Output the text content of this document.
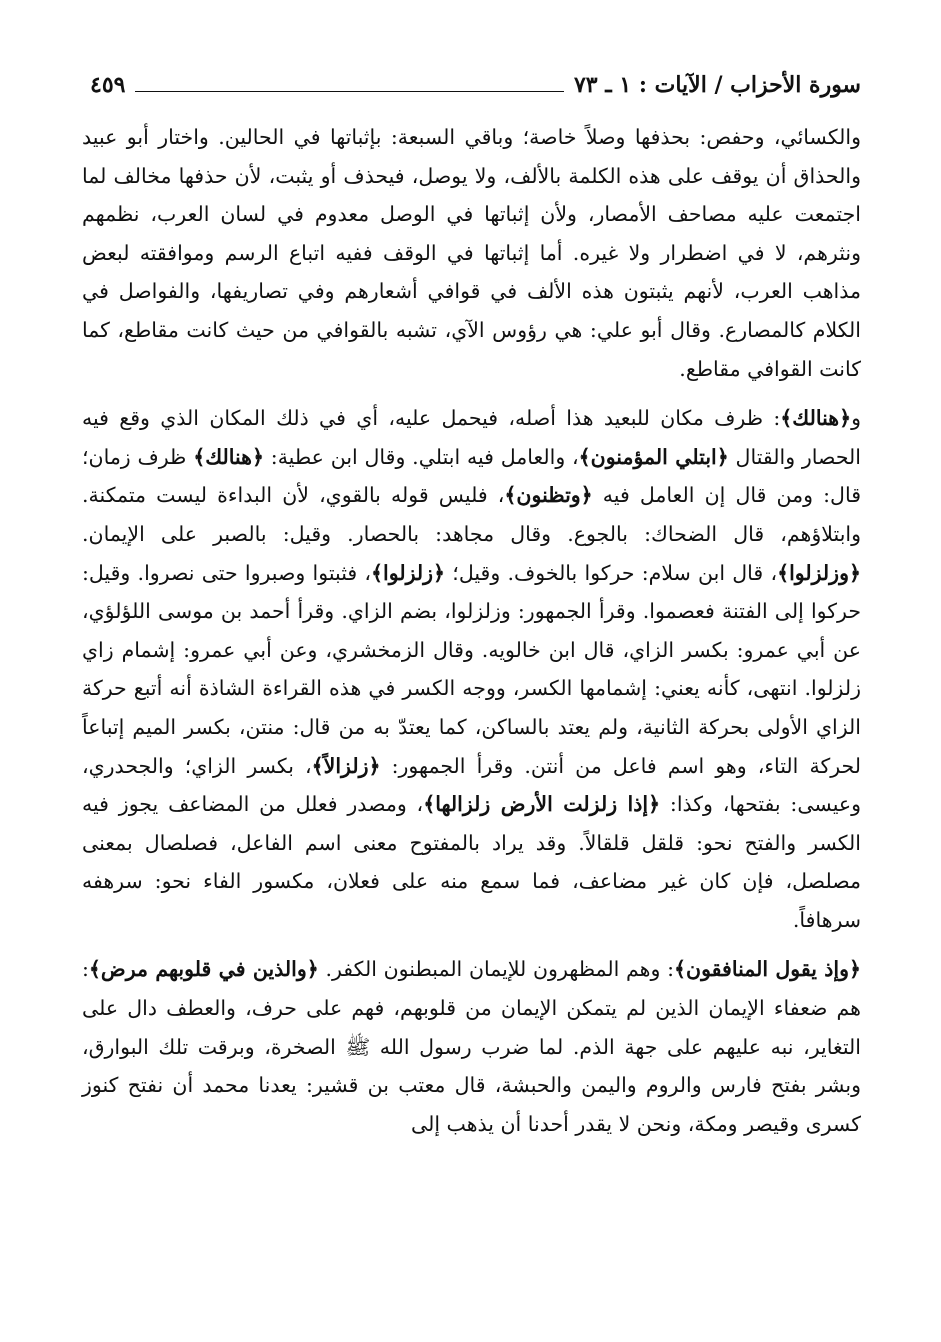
سورة الأحزاب / الآيات : ١ ـ ٧٣
٤٥٩

والكسائي، وحفص: بحذفها وصلاً خاصة؛ وباقي السبعة: بإثباتها في الحالين. واختار أبو عبيد والحذاق أن يوقف على هذه الكلمة بالألف، ولا يوصل، فيحذف أو يثبت، لأن حذفها مخالف لما اجتمعت عليه مصاحف الأمصار، ولأن إثباتها في الوصل معدوم في لسان العرب، نظمهم ونثرهم، لا في اضطرار ولا غيره. أما إثباتها في الوقف ففيه اتباع الرسم وموافقته لبعض مذاهب العرب، لأنهم يثبتون هذه الألف في قوافي أشعارهم وفي تصاريفها، والفواصل في الكلام كالمصارع. وقال أبو علي: هي رؤوس الآي، تشبه بالقوافي من حيث كانت مقاطع، كما كانت القوافي مقاطع.

و﴿هنالك﴾: ظرف مكان للبعيد هذا أصله، فيحمل عليه، أي في ذلك المكان الذي وقع فيه الحصار والقتال ﴿ابتلي المؤمنون﴾، والعامل فيه ابتلي. وقال ابن عطية: ﴿هنالك﴾ ظرف زمان؛ قال: ومن قال إن العامل فيه ﴿وتظنون﴾، فليس قوله بالقوي، لأن البداءة ليست متمكنة. وابتلاؤهم، قال الضحاك: بالجوع. وقال مجاهد: بالحصار. وقيل: بالصبر على الإيمان. ﴿وزلزلوا﴾، قال ابن سلام: حركوا بالخوف. وقيل؛ ﴿زلزلوا﴾، فثبتوا وصبروا حتى نصروا. وقيل: حركوا إلى الفتنة فعصموا. وقرأ الجمهور: وزلزلوا، بضم الزاي. وقرأ أحمد بن موسى اللؤلؤي، عن أبي عمرو: بكسر الزاي، قال ابن خالويه. وقال الزمخشري، وعن أبي عمرو: إشمام زاي زلزلوا. انتهى، كأنه يعني: إشمامها الكسر، ووجه الكسر في هذه القراءة الشاذة أنه أتبع حركة الزاي الأولى بحركة الثانية، ولم يعتد بالساكن، كما يعتدّ به من قال: منتن، بكسر الميم إتباعاً لحركة التاء، وهو اسم فاعل من أنتن. وقرأ الجمهور: ﴿زلزالاً﴾، بكسر الزاي؛ والجحدري، وعيسى: بفتحها، وكذا: ﴿إذا زلزلت الأرض زلزالها﴾، ومصدر فعلل من المضاعف يجوز فيه الكسر والفتح نحو: قلقل قلقالاً. وقد يراد بالمفتوح معنى اسم الفاعل، فصلصال بمعنى مصلصل، فإن كان غير مضاعف، فما سمع منه على فعلان، مكسور الفاء نحو: سرهفه سرهافاً.

﴿وإذ يقول المنافقون﴾: وهم المظهرون للإيمان المبطنون الكفر. ﴿والذين في قلوبهم مرض﴾: هم ضعفاء الإيمان الذين لم يتمكن الإيمان من قلوبهم، فهم على حرف، والعطف دال على التغاير، نبه عليهم على جهة الذم. لما ضرب رسول الله ﷺ الصخرة، وبرقت تلك البوارق، وبشر بفتح فارس والروم واليمن والحبشة، قال معتب بن قشير: يعدنا محمد أن نفتح كنوز كسرى وقيصر ومكة، ونحن لا يقدر أحدنا أن يذهب إلى
